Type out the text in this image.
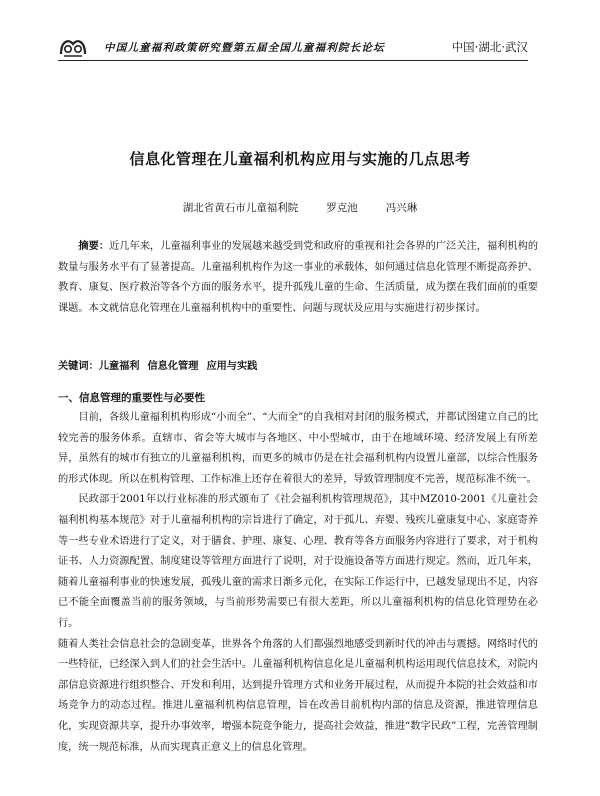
中国儿童福利政策研究暨第五届全国儿童福利院长论坛	中国·湖北·武汉
信息化管理在儿童福利机构应用与实施的几点思考
湖北省黄石市儿童福利院   罗克池   冯兴琳

摘要：近几年来，儿童福利事业的发展越来越受到党和政府的重视和社会各界的广泛关注，福利机构的数量与服务水平有了显著提高。儿童福利机构作为这一事业的承载体，如何通过信息化管理不断提高养护、教育、康复、医疗救治等各个方面的服务水平，提升孤残儿童的生命、生活质量，成为摆在我们面前的重要课题。本文就信息化管理在儿童福利机构中的重要性、问题与现状及应用与实施进行初步探讨。

关键词：儿童福利 信息化管理 应用与实践
一、信息管理的重要性与必要性

目前，各级儿童福利机构形成“小而全”、“大而全”的自我相对封闭的服务模式，并都试图建立自己的比较完善的服务体系。直辖市、省会等大城市与各地区、中小型城市，由于在地域环境、经济发展上有所差异，虽然有的城市有独立的儿童福利机构，而更多的城市仍是在社会福利机构内设置儿童部，以综合性服务的形式体现。所以在机构管理、工作标准上还存在着很大的差异，导致管理制度不完善，规范标准不统一。

民政部于2001年以行业标准的形式颁布了《社会福利机构管理规范》，其中MZ010-2001《儿童社会福利机构基本规范》对于儿童福利机构的宗旨进行了确定，对于孤儿、弃婴、残疾儿童康复中心、家庭寄养等一些专业术语进行了定义，对于膳食、护理、康复、心理、教育等各方面服务内容进行了要求，对于机构证书、人力资源配置、制度建设等管理方面进行了说明，对于设施设备等方面进行规定。然而，近几年来，随着儿童福利事业的快速发展，孤残儿童的需求日渐多元化，在实际工作运行中，已越发显现出不足，内容已不能全面覆盖当前的服务领域，与当前形势需要已有很大差距，所以儿童福利机构的信息化管理势在必行。

随着人类社会信息社会的急剧变革，世界各个角落的人们都强烈地感受到新时代的冲击与震撼。网络时代的一些特征，已经深入到人们的社会生活中。儿童福利机构信息化是儿童福利机构运用现代信息技术，对院内部信息资源进行组织整合、开发和利用，达到提升管理方式和业务开展过程，从而提升本院的社会效益和市场竞争力的动态过程。推进儿童福利机构信息管理，旨在改善目前机构内部的信息及资源，推进管理信息化，实现资源共享，提升办事效率，增强本院竞争能力，提高社会效益，推进“数字民政”工程，完善管理制度，统一规范标准，从而实现真正意义上的信息化管理。
